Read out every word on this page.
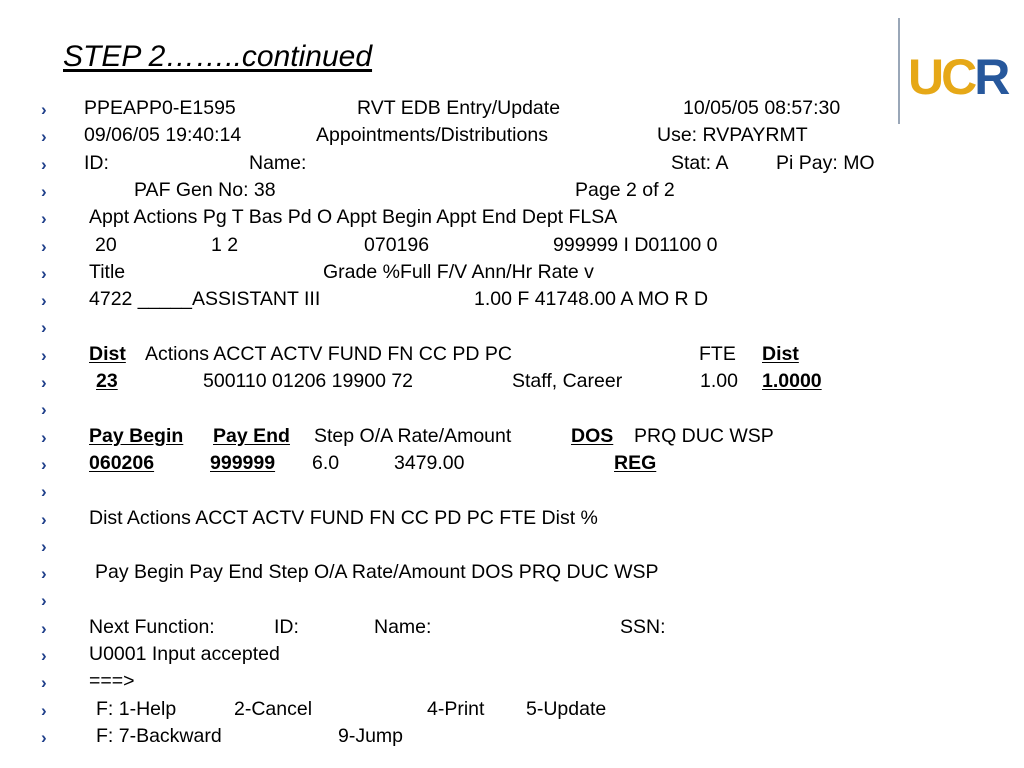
STEP 2……..continued	UCR
› PPEAPP0-E1595	RVT EDB Entry/Update	10/05/05 08:57:30
› 09/06/05 19:40:14	Appointments/Distributions	Use: RVPAYRMT
› ID:	Name:	Stat: A Pi Pay: MO
›	PAF Gen No: 38	Page 2 of 2
› Appt Actions Pg T Bas Pd O Appt Begin Appt End Dept FLSA
› 20	1 2	070196	999999 I D01100 0
› Title	Grade %Full F/V Ann/Hr Rate v
› 4722 _____ASSISTANT III	1.00 F 41748.00 A MO R D
›
› Dist Actions ACCT ACTV FUND FN CC PD PC	FTE Dist
›	23	500110 01206 19900 72	Staff, Career	1.00 1.0000
›
› Pay Begin Pay End Step O/A Rate/Amount	DOS PRQ DUC WSP
› 060206	999999 6.0	3479.00	REG
›
› Dist Actions ACCT ACTV FUND FN CC PD PC FTE Dist %
›
› Pay Begin Pay End Step O/A Rate/Amount DOS PRQ DUC WSP
›
› Next Function:	ID:	Name:	SSN:
› U0001 Input accepted
› ===>
›	F: 1-Help	2-Cancel	4-Print 5-Update
›	F: 7-Backward	9-Jump
